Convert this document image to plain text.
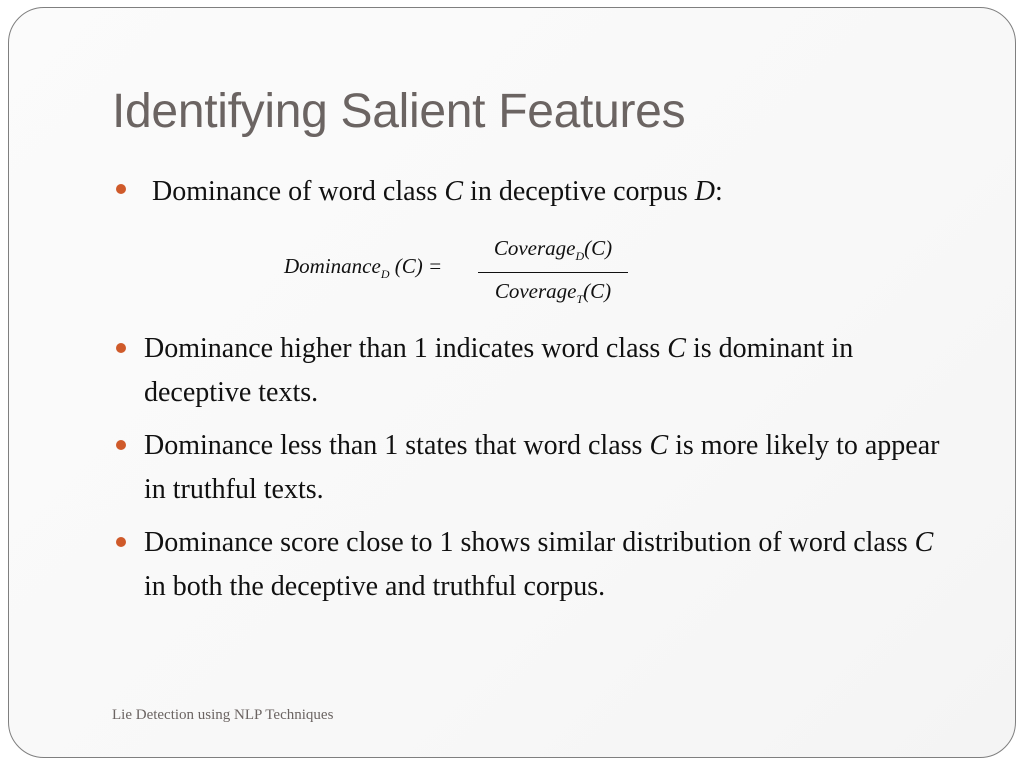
Identifying Salient Features
Dominance of word class C in deceptive corpus D:
Dominance$_D$ (C) =
Coverage$_D$(C)
Coverage$_T$(C)
Dominance higher than 1 indicates word class C is dominant in deceptive texts.
Dominance less than 1 states that word class C is more likely to appear in truthful texts.
Dominance score close to 1 shows similar distribution of word class C in both the deceptive and truthful corpus.
Lie Detection using NLP Techniques
